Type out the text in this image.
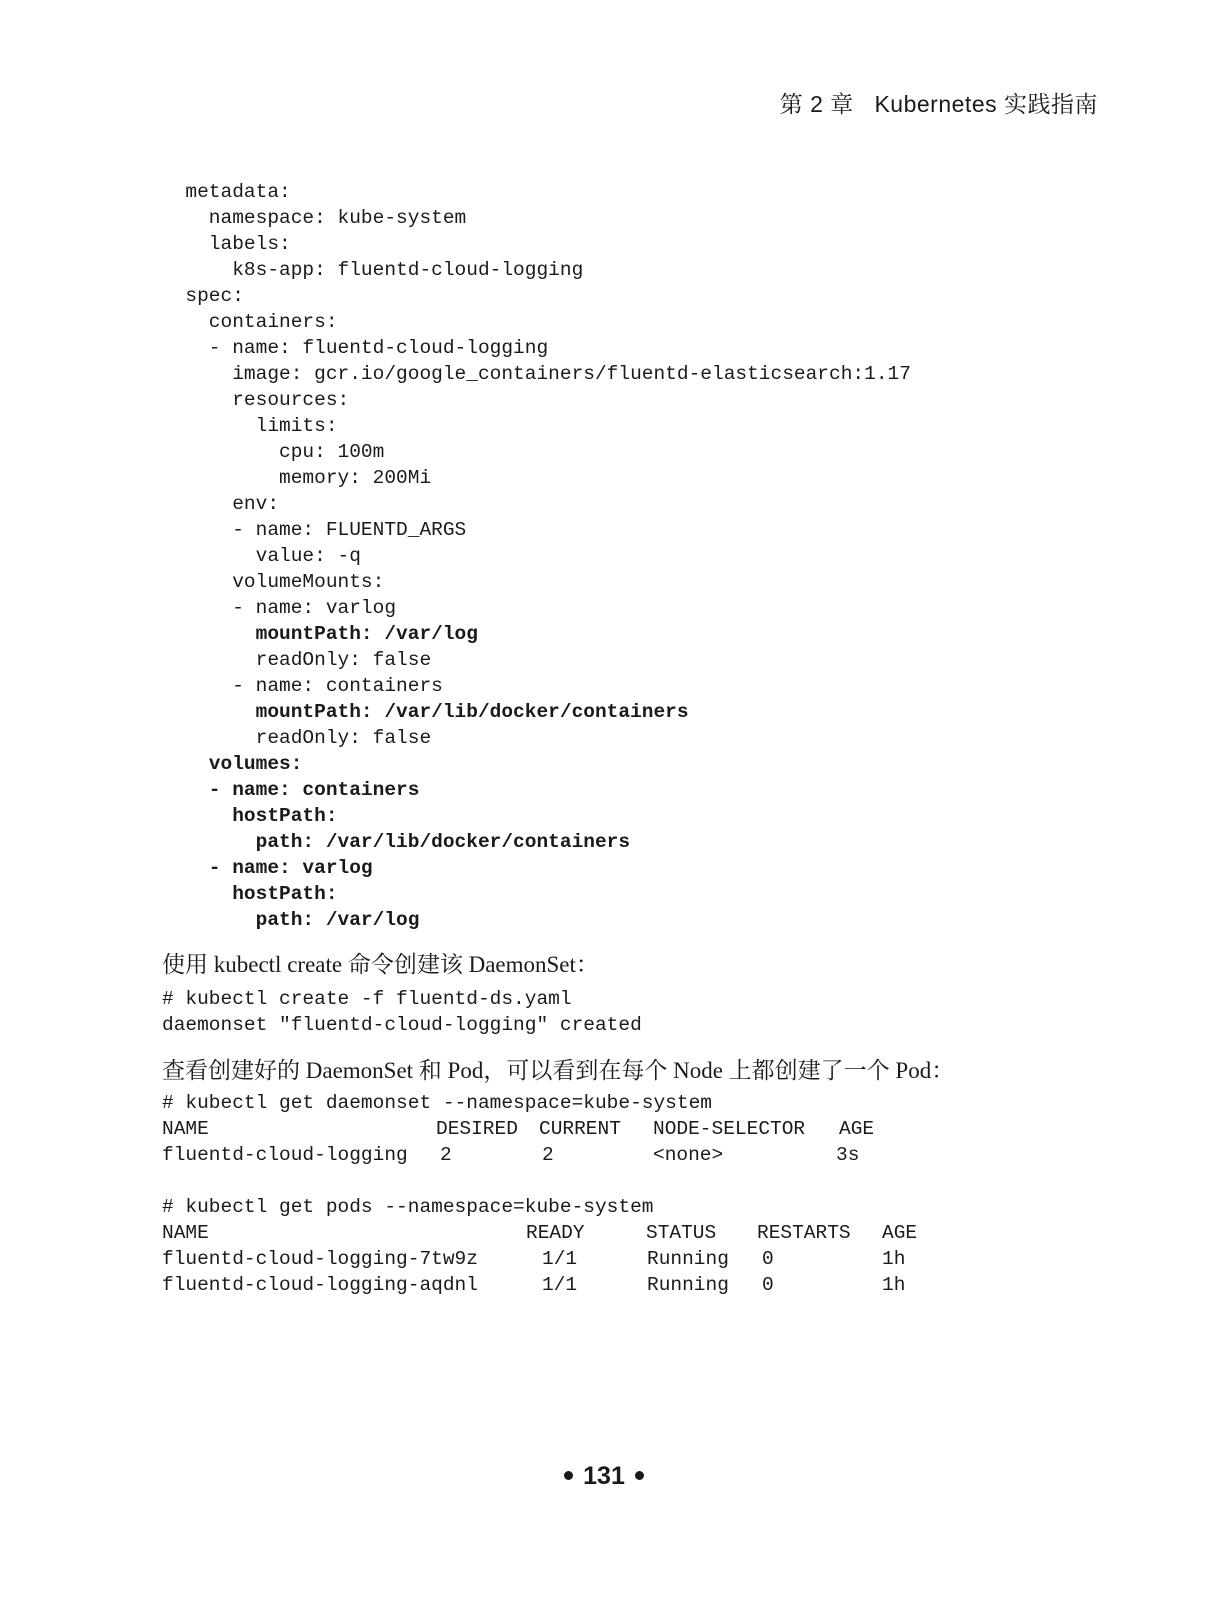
第 2 章 Kubernetes 实践指南
metadata:
namespace: kube-system
labels:
k8s-app: fluentd-cloud-logging
spec:
containers:
- name: fluentd-cloud-logging
image: gcr.io/google_containers/fluentd-elasticsearch:1.17
resources:
limits:
cpu: 100m
memory: 200Mi
env:
- name: FLUENTD_ARGS
value: -q
volumeMounts:
- name: varlog
mountPath: /var/log
readOnly: false
- name: containers
mountPath: /var/lib/docker/containers
readOnly: false
volumes:
- name: containers
hostPath:
path: /var/lib/docker/containers
- name: varlog
hostPath:
path: /var/log
使用 kubectl create 命令创建该 DaemonSet：
# kubectl create -f fluentd-ds.yaml
daemonset "fluentd-cloud-logging" created
查看创建好的 DaemonSet 和 Pod，可以看到在每个 Node 上都创建了一个 Pod：
# kubectl get daemonset --namespace=kube-system
NAME	DESIRED CURRENT NODE-SELECTOR AGE
fluentd-cloud-logging 2	2	<none>	3s
# kubectl get pods --namespace=kube-system
NAME	READY	STATUS RESTARTS AGE
fluentd-cloud-logging-7tw9z	1/1	Running 0	1h
fluentd-cloud-logging-aqdnl	1/1	Running 0	1h
131
